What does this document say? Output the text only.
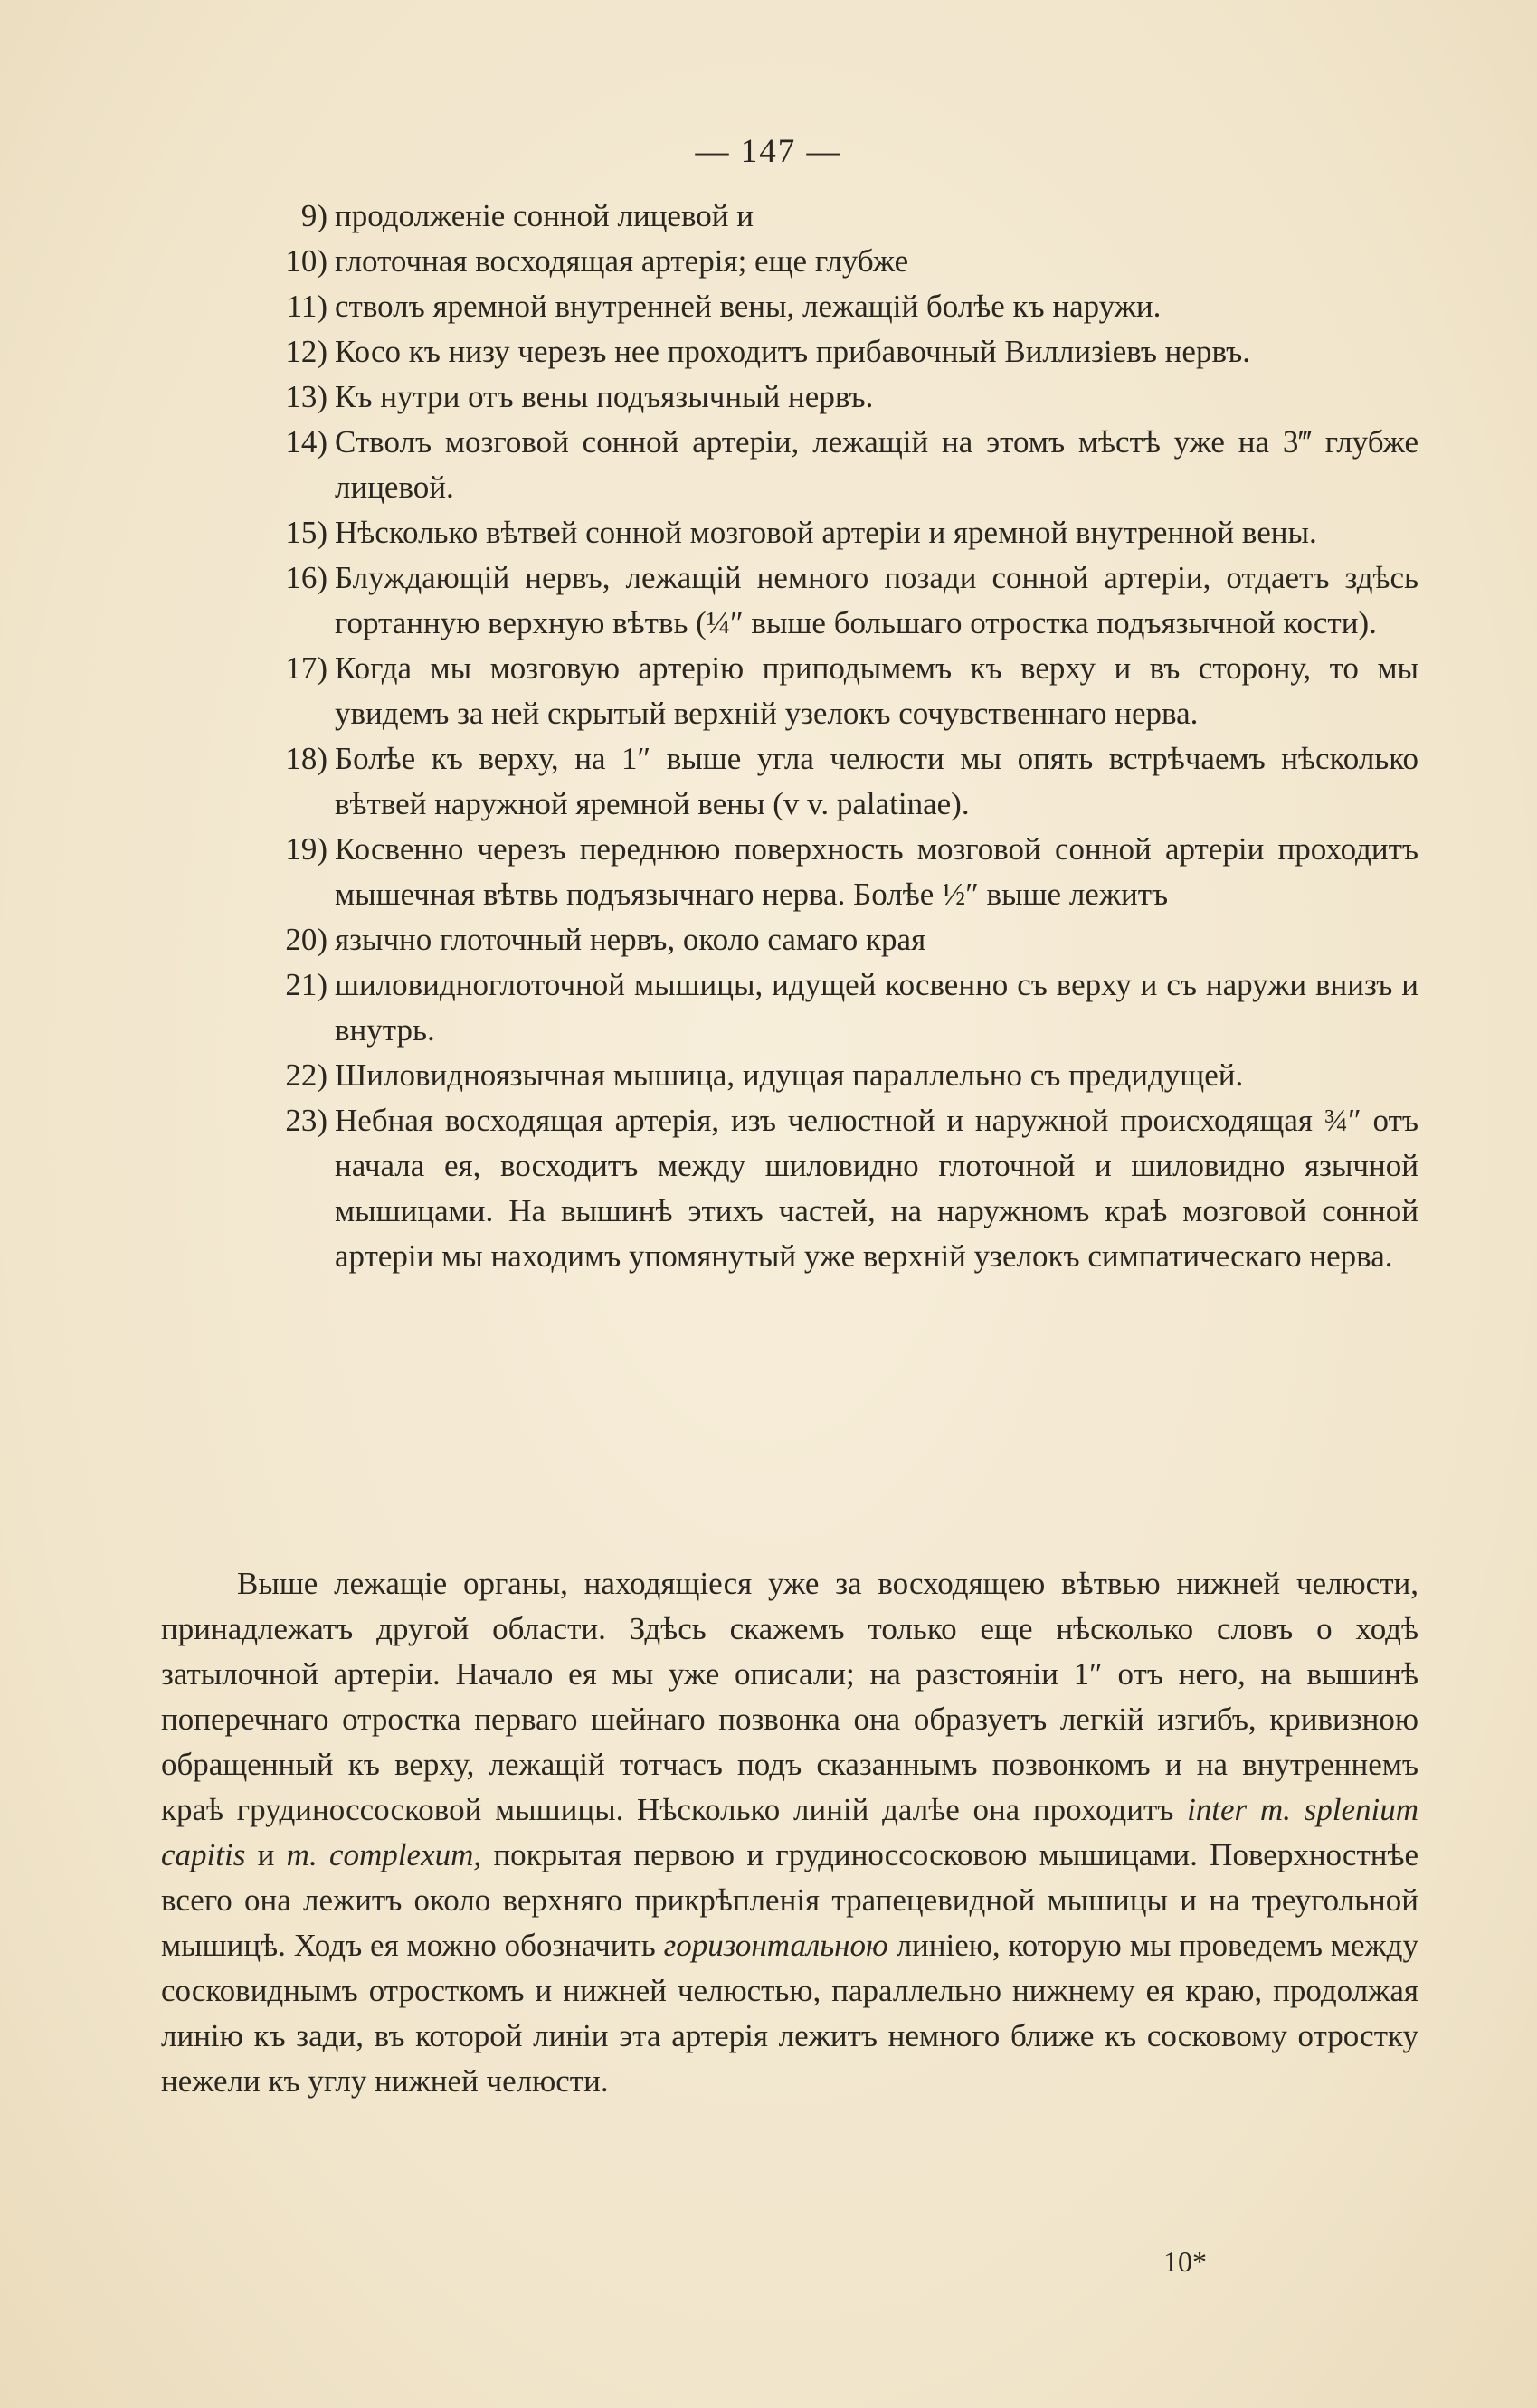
— 147 —
9) продолженіе сонной лицевой и
10) глоточная восходящая артерія; еще глубже
11) стволъ яремной внутренней вены, лежащій болѣе къ наружи.
12) Косо къ низу черезъ нее проходитъ прибавочный Виллизіевъ нервъ.
13) Къ нутри отъ вены подъязычный нервъ.
14) Стволъ мозговой сонной артеріи, лежащій на этомъ мѣстѣ уже на 3‴ глубже лицевой.
15) Нѣсколько вѣтвей сонной мозговой артеріи и яремной внутренной вены.
16) Блуждающій нервъ, лежащій немного позади сонной артеріи, отдаетъ здѣсь гортанную верхную вѣтвь (¼″ выше большаго отростка подъязычной кости).
17) Когда мы мозговую артерію приподымемъ къ верху и въ сторону, то мы увидемъ за ней скрытый верхній узелокъ сочувственнаго нерва.
18) Болѣе къ верху, на 1″ выше угла челюсти мы опять встрѣчаемъ нѣсколько вѣтвей наружной яремной вены (v v. palatinae).
19) Косвенно черезъ переднюю поверхность мозговой сонной артеріи проходитъ мышечная вѣтвь подъязычнаго нерва. Болѣе ½″ выше лежитъ
20) язычно глоточный нервъ, около самаго края
21) шиловидноглоточной мышицы, идущей косвенно съ верху и съ наружи внизъ и внутрь.
22) Шиловидноязычная мышица, идущая параллельно съ предидущей.
23) Небная восходящая артерія, изъ челюстной и наружной происходящая ¾″ отъ начала ея, восходитъ между шиловидно глоточной и шиловидно язычной мышицами. На вышинѣ этихъ частей, на наружномъ краѣ мозговой сонной артеріи мы находимъ упомянутый уже верхній узелокъ симпатическаго нерва.

Выше лежащіе органы, находящіеся уже за восходящею вѣтвью нижней челюсти, принадлежатъ другой области. Здѣсь скажемъ только еще нѣсколько словъ о ходѣ затылочной артеріи. Начало ея мы уже описали; на разстояніи 1″ отъ него, на вышинѣ поперечнаго отростка перваго шейнаго позвонка она образуетъ легкій изгибъ, кривизною обращенный къ верху, лежащій тотчасъ подъ сказаннымъ позвонкомъ и на внутреннемъ краѣ грудиноссосковой мышицы. Нѣсколько линій далѣе она проходитъ inter m. splenium capitis и m. complexum, покрытая первою и грудиносcосковою мышицами. Поверхностнѣе всего она лежитъ около верхняго прикрѣпленія трапецевидной мышицы и на треугольной мышицѣ. Ходъ ея можно обозначить горизонтальною линіею, которую мы проведемъ между сосковиднымъ отросткомъ и нижней челюстью, параллельно нижнему ея краю, продолжая линію къ зади, въ которой линіи эта артерія лежитъ немного ближе къ сосковому отростку нежели къ углу нижней челюсти.

10*
